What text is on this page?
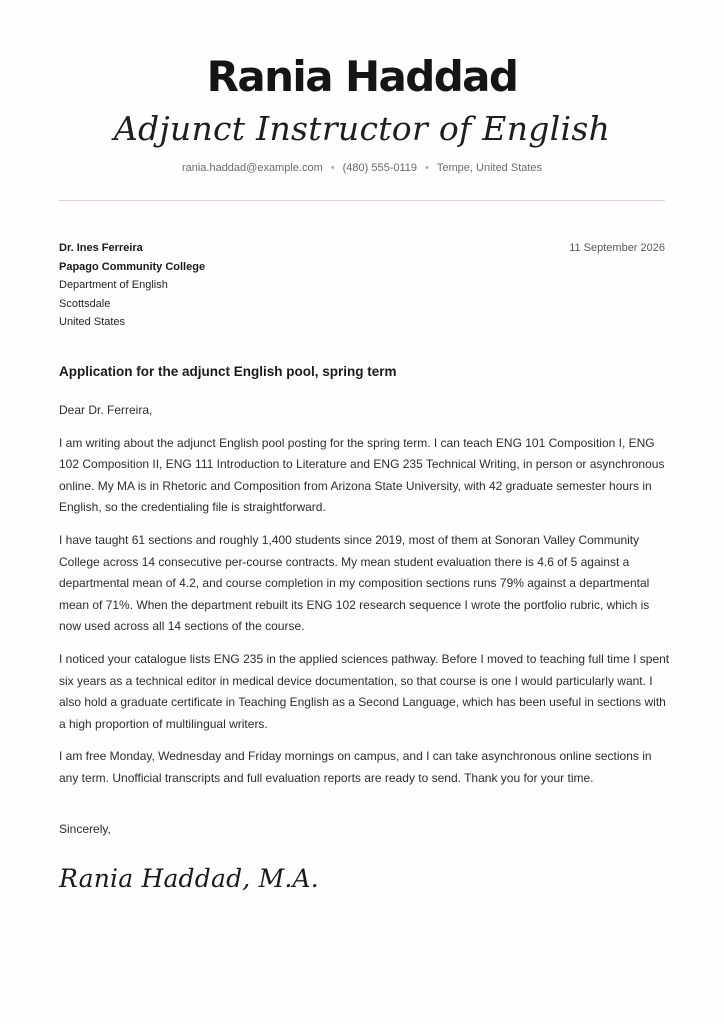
Rania Haddad
Adjunct Instructor of English
rania.haddad@example.com • (480) 555-0119 • Tempe, United States
Dr. Ines Ferreira
Papago Community College
Department of English
Scottsdale
United States
11 September 2026
Application for the adjunct English pool, spring term

Dear Dr. Ferreira,

I am writing about the adjunct English pool posting for the spring term. I can teach ENG 101 Composition I, ENG 102 Composition II, ENG 111 Introduction to Literature and ENG 235 Technical Writing, in person or asynchronous online. My MA is in Rhetoric and Composition from Arizona State University, with 42 graduate semester hours in English, so the credentialing file is straightforward.

I have taught 61 sections and roughly 1,400 students since 2019, most of them at Sonoran Valley Community College across 14 consecutive per-course contracts. My mean student evaluation there is 4.6 of 5 against a departmental mean of 4.2, and course completion in my composition sections runs 79% against a departmental mean of 71%. When the department rebuilt its ENG 102 research sequence I wrote the portfolio rubric, which is now used across all 14 sections of the course.

I noticed your catalogue lists ENG 235 in the applied sciences pathway. Before I moved to teaching full time I spent six years as a technical editor in medical device documentation, so that course is one I would particularly want. I also hold a graduate certificate in Teaching English as a Second Language, which has been useful in sections with a high proportion of multilingual writers.

I am free Monday, Wednesday and Friday mornings on campus, and I can take asynchronous online sections in any term. Unofficial transcripts and full evaluation reports are ready to send. Thank you for your time.

Sincerely,
Rania Haddad, M.A.
